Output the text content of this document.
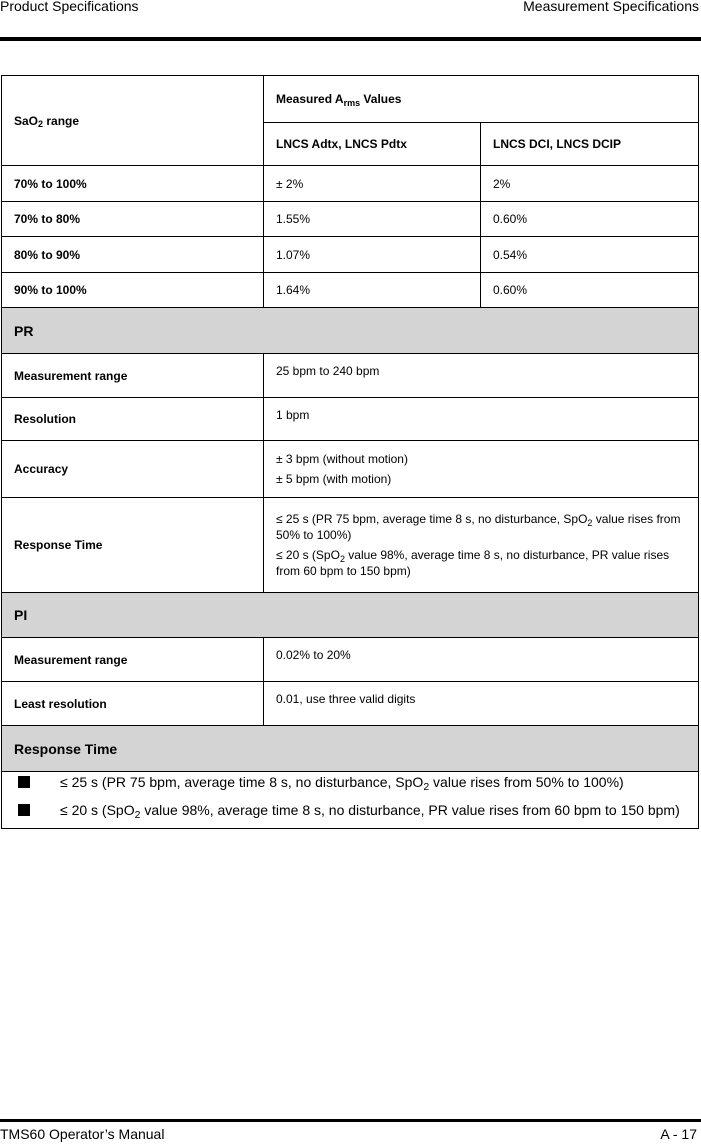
Product Specifications	Measurement Specifications
SaO$_2$ range	Measured $A_{rms}$ Values	
	LNCS Adtx, LNCS Pdtx	LNCS DCI, LNCS DCIP
70% to 100%	± 2%	2%
70% to 80%	1.55%	0.60%
80% to 90%	1.07%	0.54%
90% to 100%	1.64%	0.60%
PR		
Measurement range	25 bpm to 240 bpm	
Resolution	1 bpm	
Accuracy	± 3 bpm (without motion)

± 5 bpm (with motion)	

Response Time	≤ 25 s (PR 75 bpm, average time 8 s, no disturbance, SpO$_2$ value rises from 50% to 100%)

≤ 20 s (SpO$_2$ value 98%, average time 8 s, no disturbance, PR value rises from 60 bpm to 150 bpm)	

PI		
Measurement range	0.02% to 20%	
Least resolution	0.01, use three valid digits	
Response Time		

≤ 25 s (PR 75 bpm, average time 8 s, no disturbance, SpO$_2$ value rises from 50% to 100%)
≤ 20 s (SpO$_2$ value 98%, average time 8 s, no disturbance, PR value rises from 60 bpm to 150 bpm)		
TMS60 Operator’s Manual	A - 17
